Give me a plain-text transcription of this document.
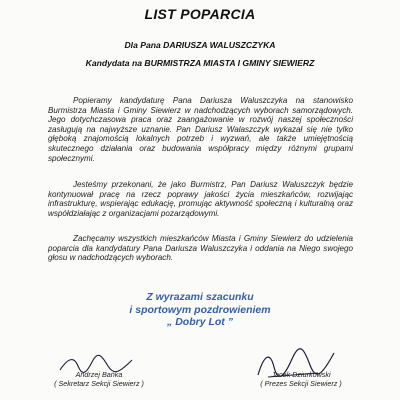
LIST POPARCIA
Dla Pana DARIUSZA WALUSZCZYKA
Kandydata na BURMISTRZA MIASTA I GMINY SIEWIERZ

Popieramy kandydaturę Pana Dariusza Waluszczyka na stanowisko Burmistrza Miasta i Gminy Siewierz w nadchodzących wyborach samorządowych. Jego dotychczasowa praca oraz zaangażowanie w rozwój naszej społeczności zasługują na najwyższe uznanie. Pan Dariusz Walaszczyk wykazał się nie tylko głęboką znajomością lokalnych potrzeb i wyzwań, ale także umiejętnością skutecznego działania oraz budowania współpracy między różnymi grupami społecznymi.

Jesteśmy przekonani, że jako Burmistrz, Pan Dariusz Waluszczyk będzie kontynuował pracę na rzecz poprawy jakości życia mieszkańców, rozwijając infrastrukturę, wspierając edukację, promując aktywność społeczną i kulturalną oraz współdziałając z organizacjami pozarządowymi.

Zachęcamy wszystkich mieszkańców Miasta i Gminy Siewierz do udzielenia poparcia dla kandydatury Pana Dariusza Waluszczyka i oddania na Niego swojego głosu w nadchodzących wyborach.

Z wyrazami szacunku
i sportowym pozdrowieniem
„ Dobry Lot ”
Andrzej Bańka
( Sekretarz Sekcji Siewierz )
Jacek Dziurkowski
( Prezes Sekcji Siewierz )
